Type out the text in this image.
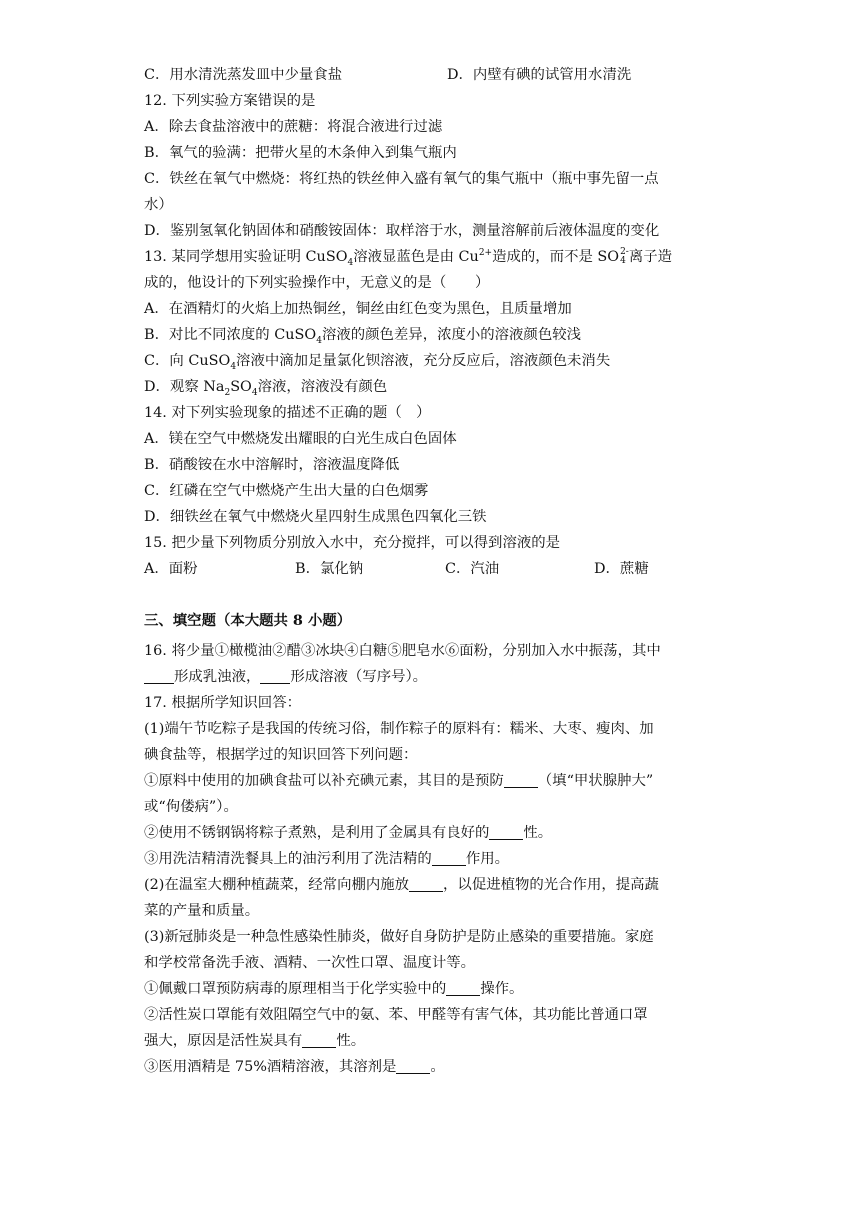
C．用水清洗蒸发皿中少量食盐	D．内壁有碘的试管用水清洗
12. 下列实验方案错误的是
A．除去食盐溶液中的蔗糖：将混合液进行过滤
B．氧气的验满：把带火星的木条伸入到集气瓶内
C．铁丝在氧气中燃烧：将红热的铁丝伸入盛有氧气的集气瓶中（瓶中事先留一点
水）
D．鉴别氢氧化钠固体和硝酸铵固体：取样溶于水，测量溶解前后液体温度的变化
13. 某同学想用实验证明 CuSO$_4$溶液显蓝色是由 $Cu^{2+}$造成的，而不是 SO 2-
4 离子造
成的，他设计的下列实验操作中，无意义的是（　　）
A．在酒精灯的火焰上加热铜丝，铜丝由红色变为黑色，且质量增加
B．对比不同浓度的 CuSO$_4$溶液的颜色差异，浓度小的溶液颜色较浅
C．向 CuSO$_4$溶液中滴加足量氯化钡溶液，充分反应后，溶液颜色未消失
D．观察 $Na_2SO_4$溶液，溶液没有颜色
14. 对下列实验现象的描述不正确的题（　）
A．镁在空气中燃烧发出耀眼的白光生成白色固体
B．硝酸铵在水中溶解时，溶液温度降低
C．红磷在空气中燃烧产生出大量的白色烟雾
D．细铁丝在氧气中燃烧火星四射生成黑色四氧化三铁
15. 把少量下列物质分别放入水中，充分搅拌，可以得到溶液的是
A．面粉	B．氯化钠	C．汽油	D．蔗糖
三、填空题（本大题共 8 小题）
16. 将少量①橄榄油②醋③冰块④白糖⑤肥皂水⑥面粉，分别加入水中振荡，其中
形成乳浊液， 形成溶液（写序号）。
17. 根据所学知识回答：
(1)端午节吃粽子是我国的传统习俗，制作粽子的原料有：糯米、大枣、瘦肉、加
碘食盐等，根据学过的知识回答下列问题：
①原料中使用的加碘食盐可以补充碘元素，其目的是预防 （填“甲状腺肿大”
或“佝偻病”）。
②使用不锈钢锅将粽子煮熟，是利用了金属具有良好的 性。
③用洗洁精清洗餐具上的油污利用了洗洁精的 作用。
(2)在温室大棚种植蔬菜，经常向棚内施放 ，以促进植物的光合作用，提高蔬
菜的产量和质量。
(3)新冠肺炎是一种急性感染性肺炎，做好自身防护是防止感染的重要措施。家庭
和学校常备洗手液、酒精、一次性口罩、温度计等。
①佩戴口罩预防病毒的原理相当于化学实验中的 操作。
②活性炭口罩能有效阻隔空气中的氨、苯、甲醛等有害气体，其功能比普通口罩
强大，原因是活性炭具有 性。
③医用酒精是 75%酒精溶液，其溶剂是 。
